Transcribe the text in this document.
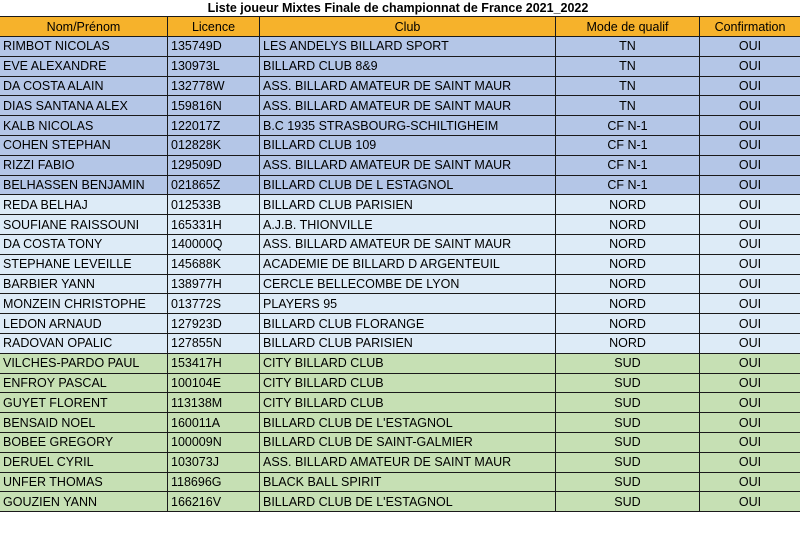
Liste joueur Mixtes Finale de championnat de France 2021_2022
Nom/Prénom	Licence	Club	Mode de qualif	Confirmation
RIMBOT NICOLAS	135749D	LES ANDELYS BILLARD SPORT	TN	OUI
EVE ALEXANDRE	130973L	BILLARD CLUB 8&9	TN	OUI
DA COSTA ALAIN	132778W	ASS. BILLARD AMATEUR DE SAINT MAUR	TN	OUI
DIAS SANTANA ALEX	159816N	ASS. BILLARD AMATEUR DE SAINT MAUR	TN	OUI
KALB NICOLAS	122017Z	B.C 1935 STRASBOURG-SCHILTIGHEIM	CF N-1	OUI
COHEN STEPHAN	012828K	BILLARD CLUB 109	CF N-1	OUI
RIZZI FABIO	129509D	ASS. BILLARD AMATEUR DE SAINT MAUR	CF N-1	OUI
BELHASSEN BENJAMIN	021865Z	BILLARD CLUB DE L ESTAGNOL	CF N-1	OUI
REDA BELHAJ	012533B	BILLARD CLUB PARISIEN	NORD	OUI
SOUFIANE RAISSOUNI	165331H	A.J.B. THIONVILLE	NORD	OUI
DA COSTA TONY	140000Q	ASS. BILLARD AMATEUR DE SAINT MAUR	NORD	OUI
STEPHANE LEVEILLE	145688K	ACADEMIE DE BILLARD D ARGENTEUIL	NORD	OUI
BARBIER YANN	138977H	CERCLE BELLECOMBE DE LYON	NORD	OUI
MONZEIN CHRISTOPHE	013772S	PLAYERS 95	NORD	OUI
LEDON ARNAUD	127923D	BILLARD CLUB FLORANGE	NORD	OUI
RADOVAN OPALIC	127855N	BILLARD CLUB PARISIEN	NORD	OUI
VILCHES-PARDO PAUL	153417H	CITY BILLARD CLUB	SUD	OUI
ENFROY PASCAL	100104E	CITY BILLARD CLUB	SUD	OUI
GUYET FLORENT	113138M	CITY BILLARD CLUB	SUD	OUI
BENSAID NOEL	160011A	BILLARD CLUB DE L'ESTAGNOL	SUD	OUI
BOBEE GREGORY	100009N	BILLARD CLUB DE SAINT-GALMIER	SUD	OUI
DERUEL CYRIL	103073J	ASS. BILLARD AMATEUR DE SAINT MAUR	SUD	OUI
UNFER THOMAS	118696G	BLACK BALL SPIRIT	SUD	OUI
GOUZIEN YANN	166216V	BILLARD CLUB DE L'ESTAGNOL	SUD	OUI
